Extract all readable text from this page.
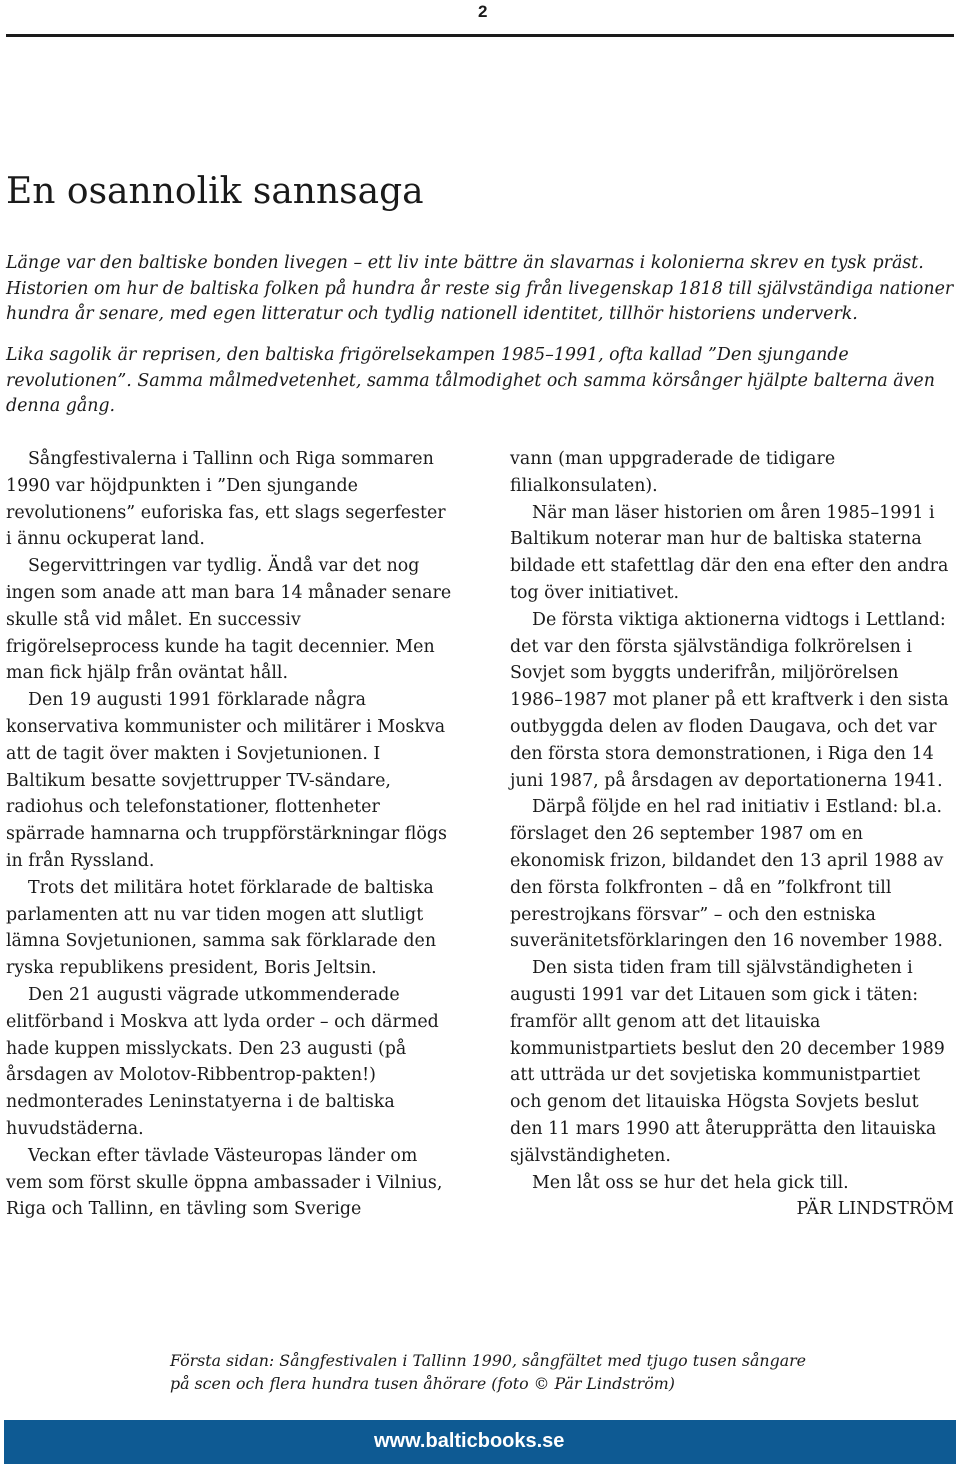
2
En osannolik sannsaga

Länge var den baltiske bonden livegen – ett liv inte bättre än slavarnas i kolonierna skrev en tysk präst. Historien om hur de baltiska folken på hundra år reste sig från livegenskap 1818 till självständiga nationer hundra år senare, med egen litteratur och tydlig nationell identitet, tillhör historiens underverk.

Lika sagolik är reprisen, den baltiska frigörelsekampen 1985–1991, ofta kallad ”Den sjungande revolutionen”. Samma målmedvetenhet, samma tålmodighet och samma körsånger hjälpte balterna även denna gång.

Sångfestivalerna i Tallinn och Riga sommaren 1990 var höjdpunkten i ”Den sjungande revolutionens” euforiska fas, ett slags segerfester i ännu ockuperat land.

Segervittringen var tydlig. Ändå var det nog ingen som anade att man bara 14 månader senare skulle stå vid målet. En successiv frigörelseprocess kunde ha tagit decennier. Men man fick hjälp från oväntat håll.

Den 19 augusti 1991 förklarade några konservativa kommunister och militärer i Moskva att de tagit över makten i Sovjetunionen. I Baltikum besatte sovjettrupper TV-sändare, radiohus och telefonstationer, flottenheter spärrade hamnarna och truppförstärkningar flögs in från Ryssland.

Trots det militära hotet förklarade de baltiska parlamenten att nu var tiden mogen att slutligt lämna Sovjetunionen, samma sak förklarade den ryska republikens president, Boris Jeltsin.

Den 21 augusti vägrade utkommenderade elitförband i Moskva att lyda order – och därmed hade kuppen misslyckats. Den 23 augusti (på årsdagen av Molotov-Ribbentrop-pakten!) nedmonterades Leninstatyerna i de baltiska huvudstäderna.

Veckan efter tävlade Västeuropas länder om vem som först skulle öppna ambassader i Vilnius, Riga och Tallinn, en tävling som Sverige

vann (man uppgraderade de tidigare filialkonsulaten).

När man läser historien om åren 1985–1991 i Baltikum noterar man hur de baltiska staterna bildade ett stafettlag där den ena efter den andra tog över initiativet.

De första viktiga aktionerna vidtogs i Lettland: det var den första självständiga folkrörelsen i Sovjet som byggts underifrån, miljörörelsen 1986–1987 mot planer på ett kraftverk i den sista outbyggda delen av floden Daugava, och det var den första stora demonstrationen, i Riga den 14 juni 1987, på årsdagen av deportationerna 1941.

Därpå följde en hel rad initiativ i Estland: bl.a. förslaget den 26 september 1987 om en ekonomisk frizon, bildandet den 13 april 1988 av den första folkfronten – då en ”folkfront till perestrojkans försvar” – och den estniska suveränitetsförklaringen den 16 november 1988.

Den sista tiden fram till självständigheten i augusti 1991 var det Litauen som gick i täten: framför allt genom att det litauiska kommunistpartiets beslut den 20 december 1989 att utträda ur det sovjetiska kommunistpartiet och genom det litauiska Högsta Sovjets beslut den 11 mars 1990 att återupprätta den litauiska självständigheten.

Men låt oss se hur det hela gick till.

PÄR LINDSTRÖM

Första sidan: Sångfestivalen i Tallinn 1990, sångfältet med tjugo tusen sångare på scen och flera hundra tusen åhörare (foto © Pär Lindström)

www.balticbooks.se
